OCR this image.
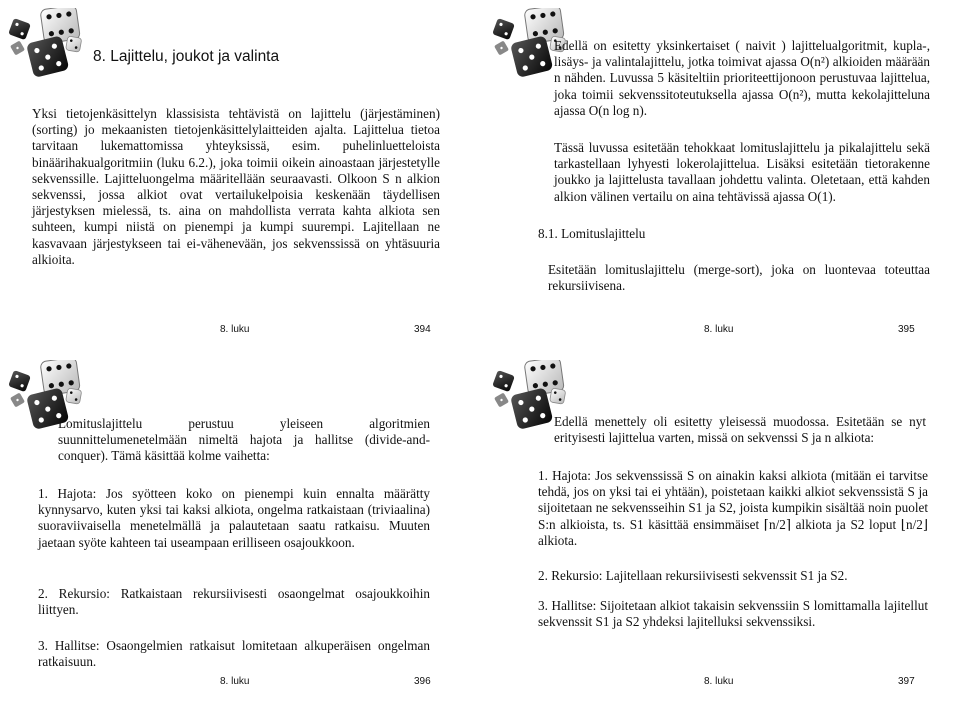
8. Lajittelu, joukot ja valinta
Yksi tietojenkäsittelyn klassisista tehtävistä on lajittelu (järjestäminen) (sorting) jo mekaanisten tietojenkäsittelylaitteiden ajalta. Lajittelua tietoa tarvitaan lukemattomissa yhteyksissä, esim. puhelinluetteloista binäärihakualgoritmiin (luku 6.2.), joka toimii oikein ainoastaan järjestetylle sekvenssille. Lajitteluongelma määritellään seuraavasti. Olkoon S n alkion sekvenssi, jossa alkiot ovat vertailukelpoisia keskenään täydellisen järjestyksen mielessä, ts. aina on mahdollista verrata kahta alkiota sen suhteen, kumpi niistä on pienempi ja kumpi suurempi. Lajitellaan ne kasvavaan järjestykseen tai ei-vähenevään, jos sekvenssissä on yhtäsuuria alkioita.
8. luku	394
Edellä on esitetty yksinkertaiset ( naivit ) lajittelualgoritmit, kupla-, lisäys- ja valintalajittelu, jotka toimivat ajassa O(n²) alkioiden määrään n nähden. Luvussa 5 käsiteltiin prioriteettijonoon perustuvaa lajittelua, joka toimii sekvenssitoteutuksella ajassa O(n²), mutta kekolajitteluna ajassa O(n log n).
Tässä luvussa esitetään tehokkaat lomituslajittelu ja pikalajittelu sekä tarkastellaan lyhyesti lokerolajittelua. Lisäksi esitetään tietorakenne joukko ja lajittelusta tavallaan johdettu valinta. Oletetaan, että kahden alkion välinen vertailu on aina tehtävissä ajassa O(1).
8.1. Lomituslajittelu
Esitetään lomituslajittelu (merge-sort), joka on luontevaa toteuttaa rekursiivisena.
8. luku	395
Lomituslajittelu perustuu yleiseen algoritmien suunnittelumenetelmään nimeltä hajota ja hallitse (divide-and-conquer). Tämä käsittää kolme vaihetta:
1. Hajota: Jos syötteen koko on pienempi kuin ennalta määrätty kynnysarvo, kuten yksi tai kaksi alkiota, ongelma ratkaistaan (triviaalina) suoraviivaisella menetelmällä ja palautetaan saatu ratkaisu. Muuten jaetaan syöte kahteen tai useampaan erilliseen osajoukkoon.
2. Rekursio: Ratkaistaan rekursiivisesti osaongelmat osajoukkoihin liittyen.
3. Hallitse: Osaongelmien ratkaisut lomitetaan alkuperäisen ongelman ratkaisuun.
8. luku	396
Edellä menettely oli esitetty yleisessä muodossa. Esitetään se nyt erityisesti lajittelua varten, missä on sekvenssi S ja n alkiota:
1. Hajota: Jos sekvenssissä S on ainakin kaksi alkiota (mitään ei tarvitse tehdä, jos on yksi tai ei yhtään), poistetaan kaikki alkiot sekvenssistä S ja sijoitetaan ne sekvensseihin S1 ja S2, joista kumpikin sisältää noin puolet S:n alkioista, ts. S1 käsittää ensimmäiset ⌈n/2⌉ alkiota ja S2 loput ⌊n/2⌋ alkiota.
2. Rekursio: Lajitellaan rekursiivisesti sekvenssit S1 ja S2.
3. Hallitse: Sijoitetaan alkiot takaisin sekvenssiin S lomittamalla lajitellut sekvenssit S1 ja S2 yhdeksi lajitelluksi sekvenssiksi.
8. luku	397
